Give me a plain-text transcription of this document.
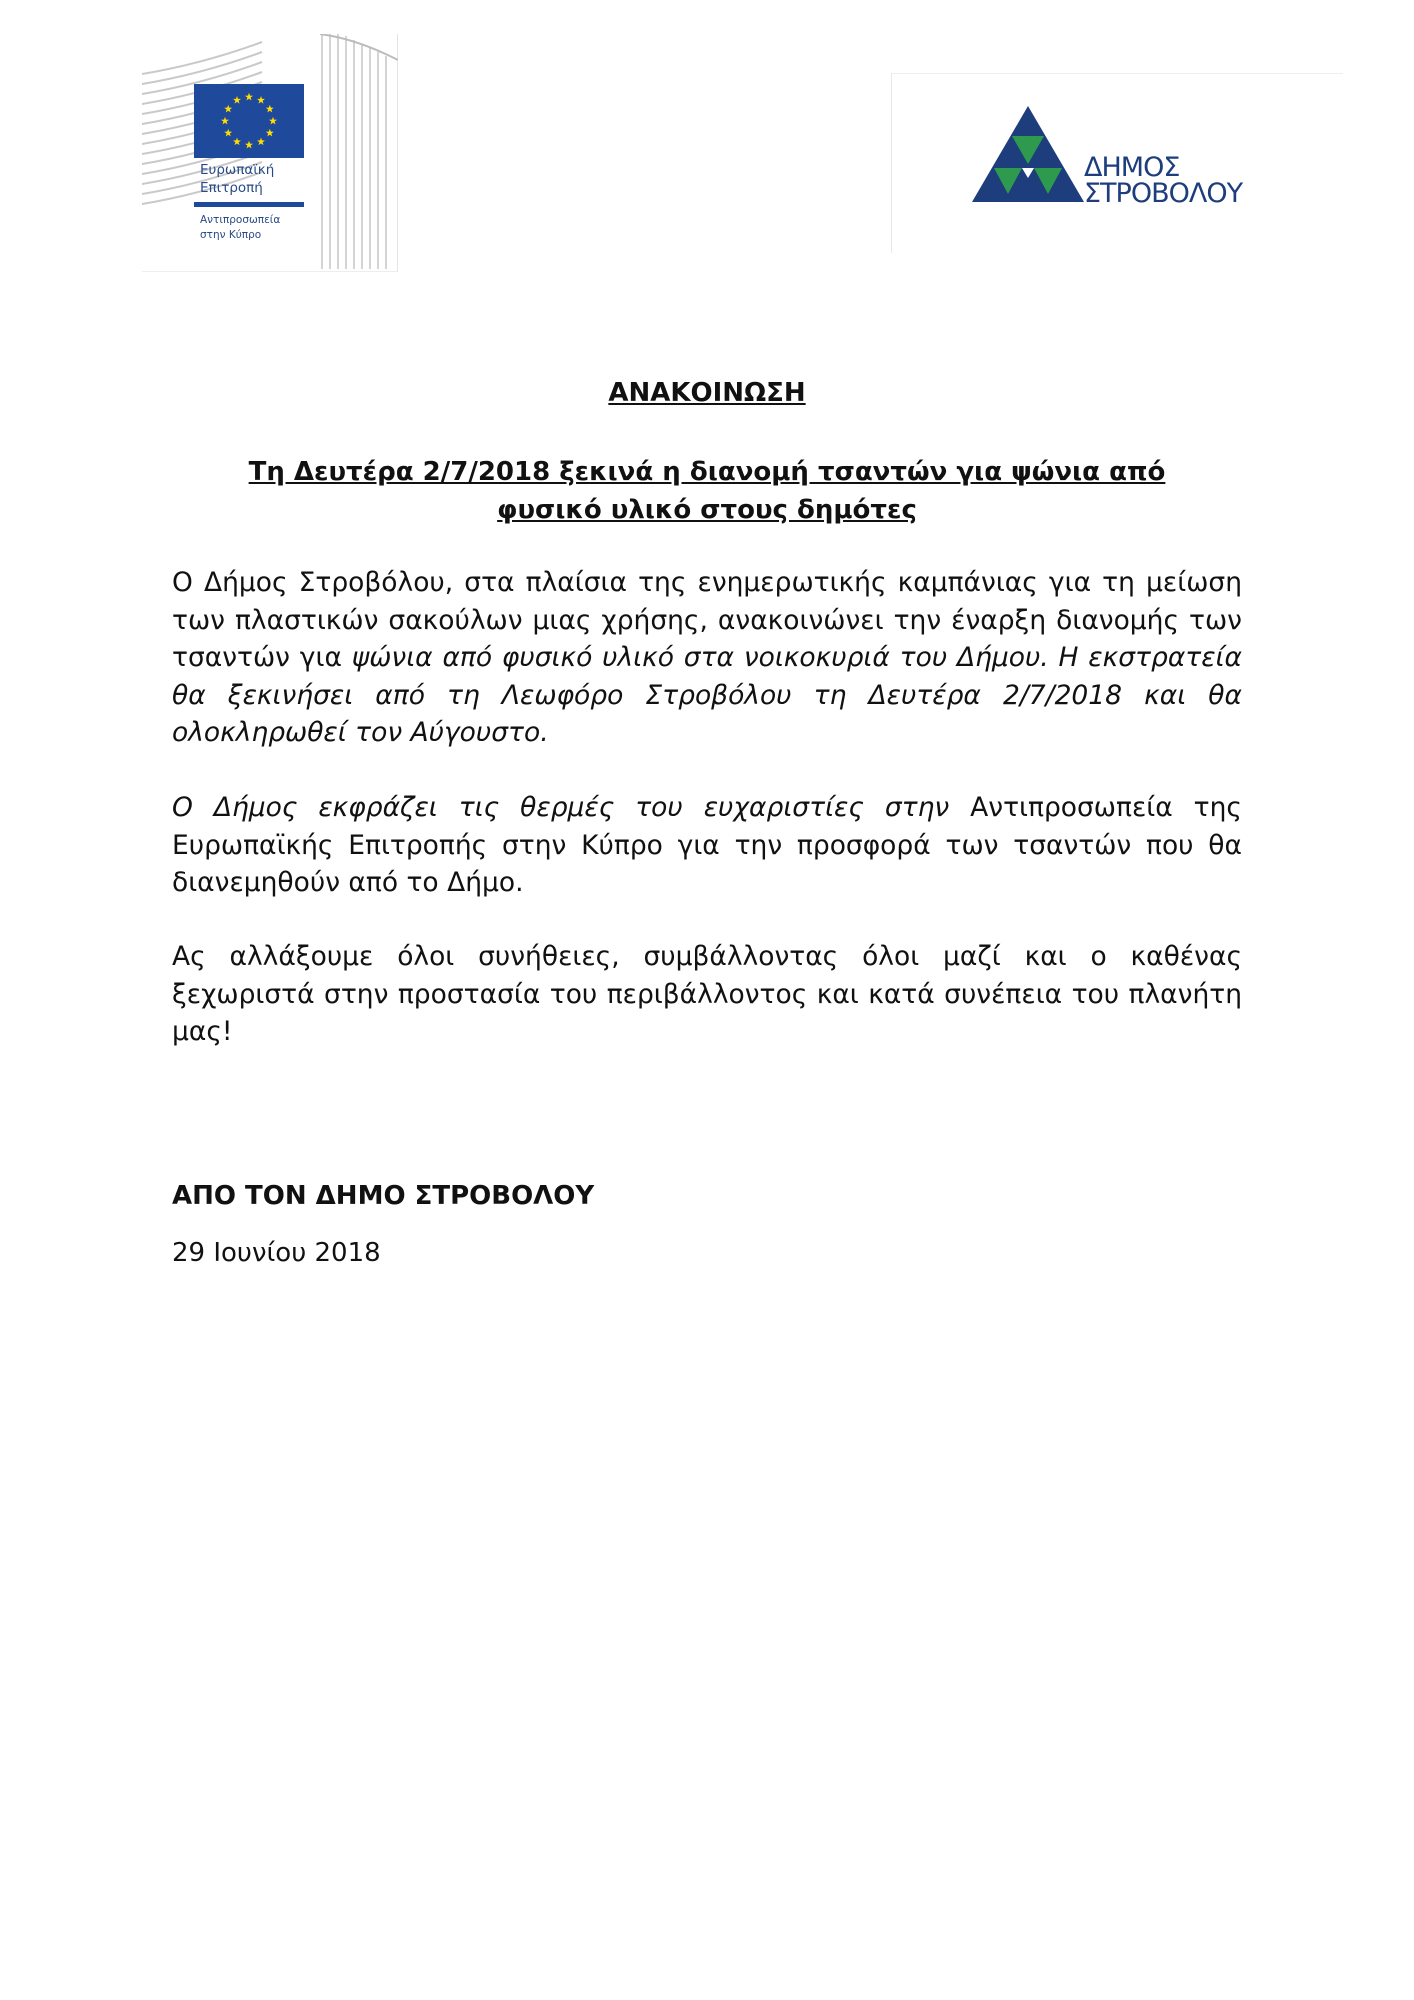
Ευρωπαϊκή
Επιτροπή
Αντιπροσωπεία
στην Κύπρο
ΔΗΜΟΣ
ΣΤΡΟΒΟΛΟΥ
ΑΝΑΚΟΙΝΩΣΗ
Τη Δευτέρα 2/7/2018 ξεκινά η διανομή τσαντών για ψώνια από
φυσικό υλικό στους δημότες

Ο Δήμος Στροβόλου, στα πλαίσια της ενημερωτικής καμπάνιας για τη μείωση των πλαστικών σακούλων μιας χρήσης, ανακοινώνει την έναρξη διανομής των τσαντών για ψώνια από φυσικό υλικό στα νοικοκυριά του Δήμου. Η εκστρατεία θα ξεκινήσει από τη Λεωφόρο Στροβόλου τη Δευτέρα 2/7/2018 και θα ολοκληρωθεί τον Αύγουστο.

Ο Δήμος εκφράζει τις θερμές του ευχαριστίες στην Αντιπροσωπεία της Ευρωπαϊκής Επιτροπής στην Κύπρο για την προσφορά των τσαντών που θα διανεμηθούν από το Δήμο.

Ας αλλάξουμε όλοι συνήθειες, συμβάλλοντας όλοι μαζί και ο καθένας ξεχωριστά στην προστασία του περιβάλλοντος και κατά συνέπεια του πλανήτη μας!

ΑΠΟ ΤΟΝ ΔΗΜΟ ΣΤΡΟΒΟΛΟΥ
29 Ιουνίου 2018
